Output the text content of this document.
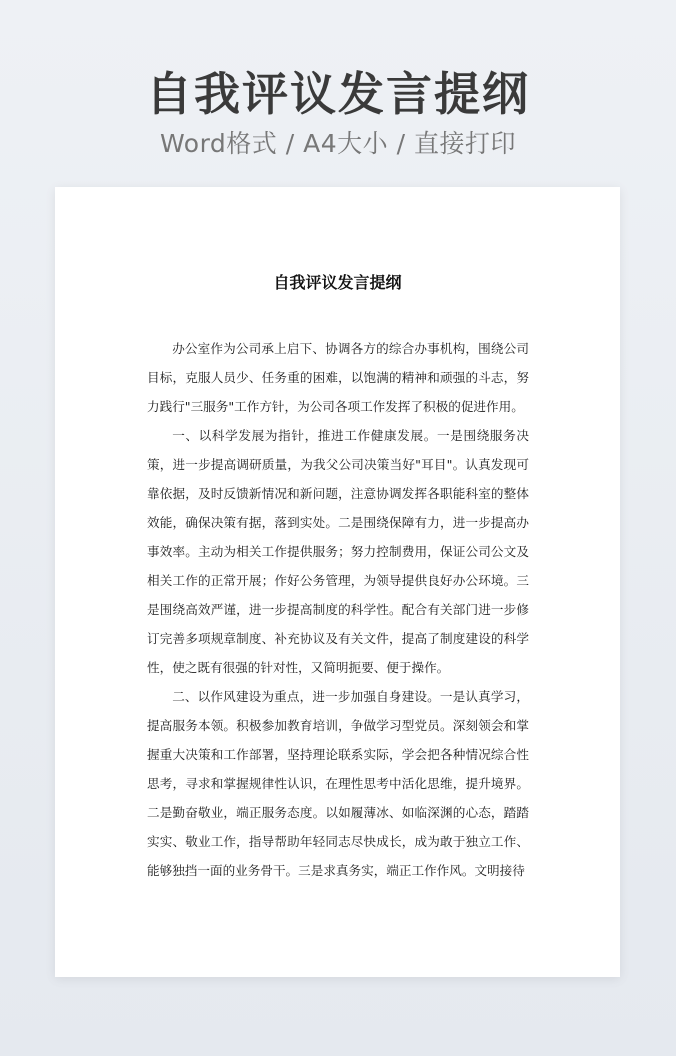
自我评议发言提纲
Word格式 / A4大小 / 直接打印
自我评议发言提纲

办公室作为公司承上启下、协调各方的综合办事机构，围绕公司目标，克服人员少、任务重的困难，以饱满的精神和顽强的斗志，努力践行"三服务"工作方针，为公司各项工作发挥了积极的促进作用。

一、以科学发展为指针，推进工作健康发展。一是围绕服务决策，进一步提高调研质量，为我父公司决策当好"耳目"。认真发现可靠依据，及时反馈新情况和新问题，注意协调发挥各职能科室的整体效能，确保决策有据，落到实处。二是围绕保障有力，进一步提高办事效率。主动为相关工作提供服务；努力控制费用，保证公司公文及相关工作的正常开展；作好公务管理，为领导提供良好办公环境。三是围绕高效严谨，进一步提高制度的科学性。配合有关部门进一步修订完善多项规章制度、补充协议及有关文件，提高了制度建设的科学性，使之既有很强的针对性，又简明扼要、便于操作。

二、以作风建设为重点，进一步加强自身建设。一是认真学习，提高服务本领。积极参加教育培训，争做学习型党员。深刻领会和掌握重大决策和工作部署，坚持理论联系实际，学会把各种情况综合性思考，寻求和掌握规律性认识，在理性思考中活化思维，提升境界。二是勤奋敬业，端正服务态度。以如履薄冰、如临深渊的心态，踏踏实实、敬业工作，指导帮助年轻同志尽快成长，成为敢于独立工作、能够独挡一面的业务骨干。三是求真务实，端正工作作风。文明接待
